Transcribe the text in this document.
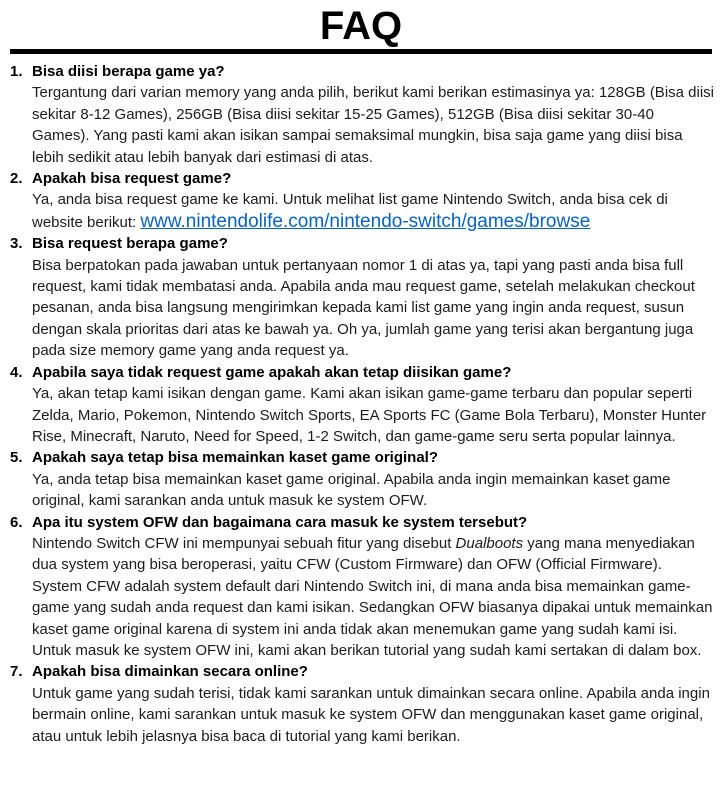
FAQ
1. Bisa diisi berapa game ya?

Tergantung dari varian memory yang anda pilih, berikut kami berikan estimasinya ya: 128GB (Bisa diisi sekitar 8-12 Games), 256GB (Bisa diisi sekitar 15-25 Games), 512GB (Bisa diisi sekitar 30-40 Games). Yang pasti kami akan isikan sampai semaksimal mungkin, bisa saja game yang diisi bisa lebih sedikit atau lebih banyak dari estimasi di atas.

2. Apakah bisa request game?

Ya, anda bisa request game ke kami. Untuk melihat list game Nintendo Switch, anda bisa cek di website berikut: www.nintendolife.com/nintendo-switch/games/browse

3. Bisa request berapa game?

Bisa berpatokan pada jawaban untuk pertanyaan nomor 1 di atas ya, tapi yang pasti anda bisa full request, kami tidak membatasi anda. Apabila anda mau request game, setelah melakukan checkout pesanan, anda bisa langsung mengirimkan kepada kami list game yang ingin anda request, susun dengan skala prioritas dari atas ke bawah ya. Oh ya, jumlah game yang terisi akan bergantung juga pada size memory game yang anda request ya.

4. Apabila saya tidak request game apakah akan tetap diisikan game?

Ya, akan tetap kami isikan dengan game. Kami akan isikan game-game terbaru dan popular seperti Zelda, Mario, Pokemon, Nintendo Switch Sports, EA Sports FC (Game Bola Terbaru), Monster Hunter Rise, Minecraft, Naruto, Need for Speed, 1-2 Switch, dan game-game seru serta popular lainnya.

5. Apakah saya tetap bisa memainkan kaset game original?

Ya, anda tetap bisa memainkan kaset game original. Apabila anda ingin memainkan kaset game original, kami sarankan anda untuk masuk ke system OFW.

6. Apa itu system OFW dan bagaimana cara masuk ke system tersebut?

Nintendo Switch CFW ini mempunyai sebuah fitur yang disebut Dualboots yang mana menyediakan dua system yang bisa beroperasi, yaitu CFW (Custom Firmware) dan OFW (Official Firmware). System CFW adalah system default dari Nintendo Switch ini, di mana anda bisa memainkan game-game yang sudah anda request dan kami isikan. Sedangkan OFW biasanya dipakai untuk memainkan kaset game original karena di system ini anda tidak akan menemukan game yang sudah kami isi. Untuk masuk ke system OFW ini, kami akan berikan tutorial yang sudah kami sertakan di dalam box.

7. Apakah bisa dimainkan secara online?

Untuk game yang sudah terisi, tidak kami sarankan untuk dimainkan secara online. Apabila anda ingin bermain online, kami sarankan untuk masuk ke system OFW dan menggunakan kaset game original, atau untuk lebih jelasnya bisa baca di tutorial yang kami berikan.
